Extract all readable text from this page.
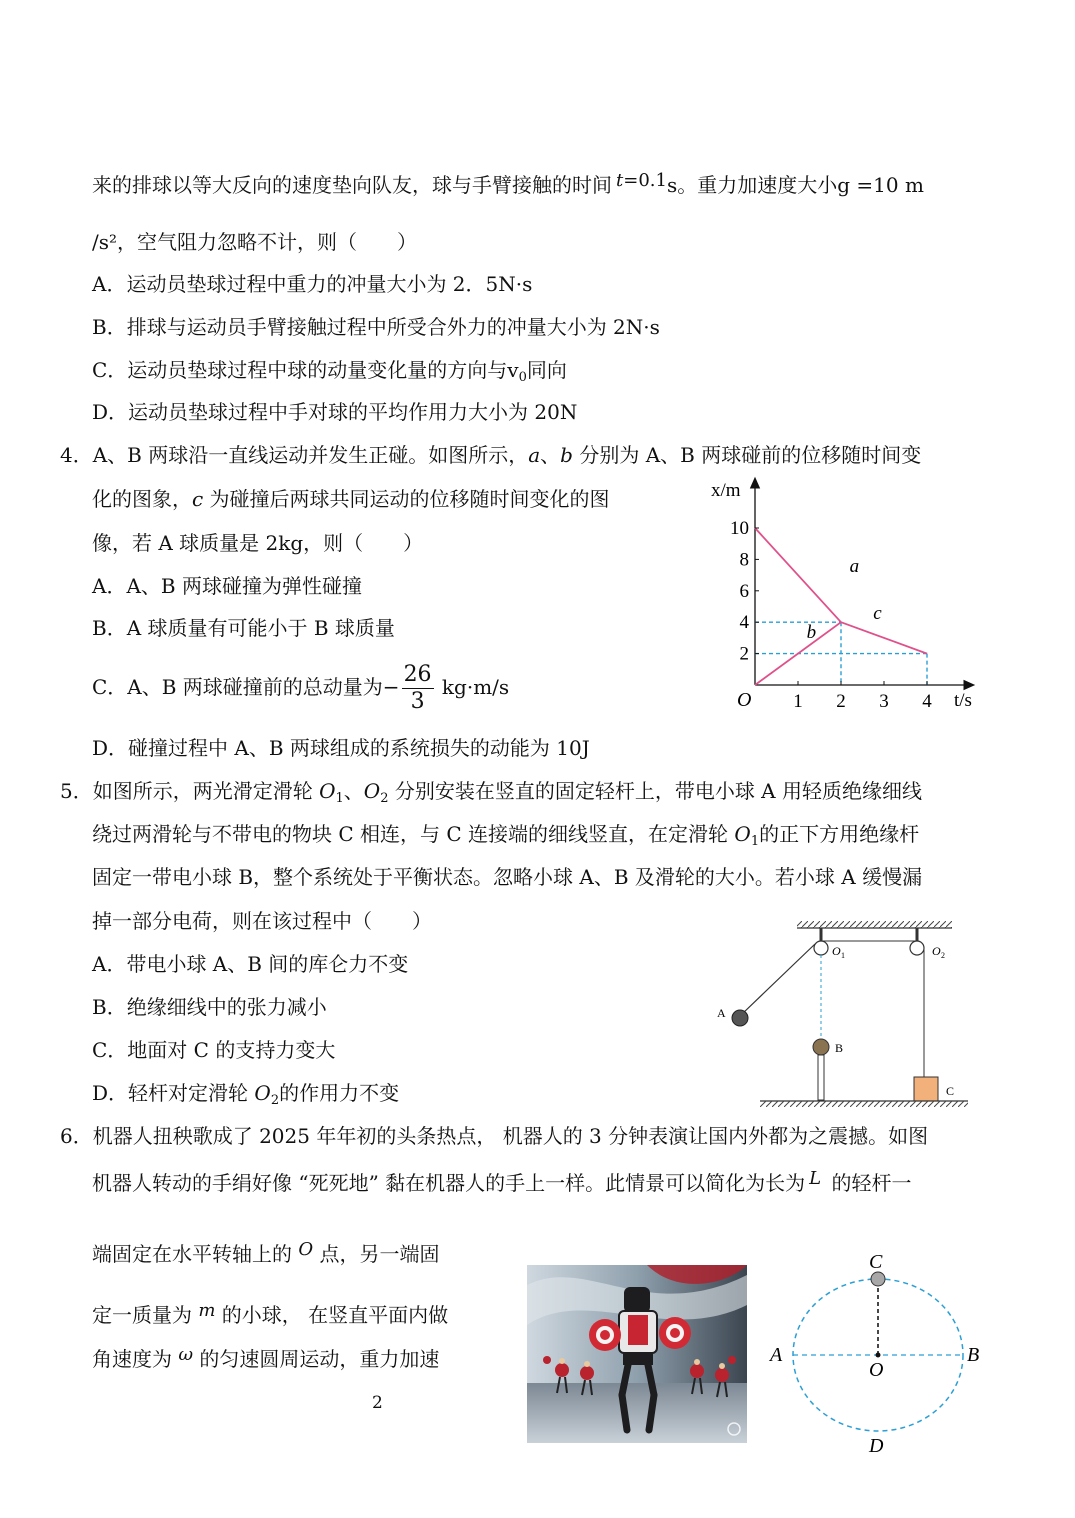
来的排球以等大反向的速度垫向队友，球与手臂接触的时间 t=0.1s。重力加速度大小g =10 m
/s²，空气阻力忽略不计，则（　　）
A．运动员垫球过程中重力的冲量大小为 2．5N·s
B．排球与运动员手臂接触过程中所受合外力的冲量大小为 2N·s
C．运动员垫球过程中球的动量变化量的方向与$v_0$同向
D．运动员垫球过程中手对球的平均作用力大小为 20N
4．A、B 两球沿一直线运动并发生正碰。如图所示，a、b 分别为 A、B 两球碰前的位移随时间变
化的图象，c 为碰撞后两球共同运动的位移随时间变化的图
像，若 A 球质量是 2kg，则（　　）
A．A、B 两球碰撞为弹性碰撞
B．A 球质量有可能小于 B 球质量
C．A、B 两球碰撞前的总动量为− $\frac{26}{3} kg\cdot m/s$
D．碰撞过程中 A、B 两球组成的系统损失的动能为 10J
a
b
c
2
4
6
8
10
1 2 3 4
O
x/m
t/s
5．如图所示，两光滑定滑轮 $O_1$、$O_2$ 分别安装在竖直的固定轻杆上，带电小球 A 用轻质绝缘细线
绕过两滑轮与不带电的物块 C 相连，与 C 连接端的细线竖直，在定滑轮 $O_1$的正下方用绝缘杆
固定一带电小球 B，整个系统处于平衡状态。忽略小球 A、B 及滑轮的大小。若小球 A 缓慢漏
掉一部分电荷，则在该过程中（　　）
A．带电小球 A、B 间的库仑力不变
B．绝缘细线中的张力减小
C．地面对 C 的支持力变大
D．轻杆对定滑轮 $O_2$的作用力不变
O 1	O 2
A
B
C
6．机器人扭秧歌成了 2025 年年初的头条热点， 机器人的 3 分钟表演让国内外都为之震撼。如图
机器人转动的手绢好像 “死死地” 黏在机器人的手上一样。此情景可以简化为长为 L 的轻杆一
端固定在水平转轴上的 O 点，另一端固
定一质量为 m 的小球， 在竖直平面内做
角速度为 ω 的匀速圆周运动，重力加速
C
A	B
O
D
2
